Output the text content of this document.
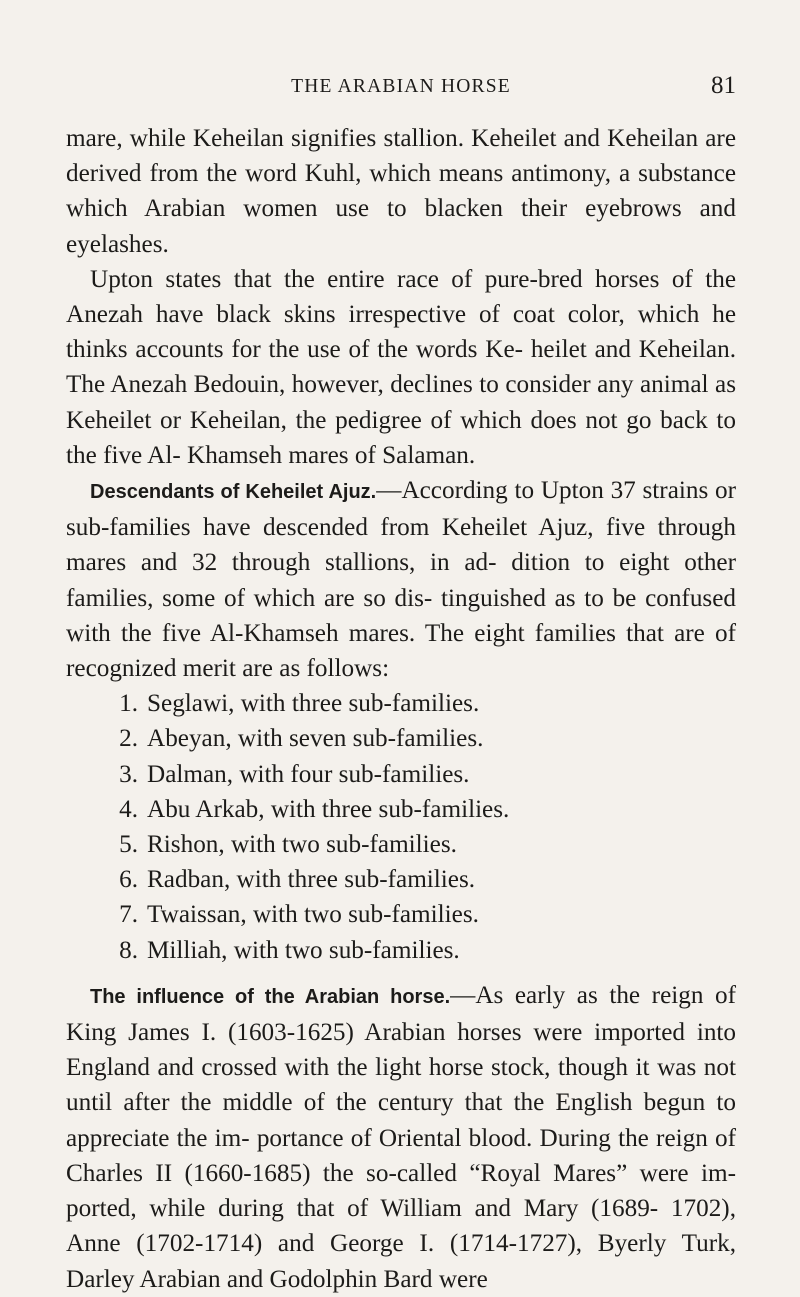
THE ARABIAN HORSE	81

mare, while Keheilan signifies stallion. Keheilet and Keheilan are derived from the word Kuhl, which means antimony, a substance which Arabian women use to blacken their eyebrows and eyelashes.

Upton states that the entire race of pure-bred horses of the Anezah have black skins irrespective of coat color, which he thinks accounts for the use of the words Ke- heilet and Keheilan. The Anezah Bedouin, however, declines to consider any animal as Keheilet or Keheilan, the pedigree of which does not go back to the five Al- Khamseh mares of Salaman.

Descendants of Keheilet Ajuz.—According to Upton 37 strains or sub-families have descended from Keheilet Ajuz, five through mares and 32 through stallions, in ad- dition to eight other families, some of which are so dis- tinguished as to be confused with the five Al-Khamseh mares. The eight families that are of recognized merit are as follows:

1. Seglawi, with three sub-families.
2. Abeyan, with seven sub-families.
3. Dalman, with four sub-families.
4. Abu Arkab, with three sub-families.
5. Rishon, with two sub-families.
6. Radban, with three sub-families.
7. Twaissan, with two sub-families.
8. Milliah, with two sub-families.

The influence of the Arabian horse.—As early as the reign of King James I. (1603-1625) Arabian horses were imported into England and crossed with the light horse stock, though it was not until after the middle of the century that the English begun to appreciate the im- portance of Oriental blood. During the reign of Charles II (1660-1685) the so-called “Royal Mares” were im- ported, while during that of William and Mary (1689- 1702), Anne (1702-1714) and George I. (1714-1727), Byerly Turk, Darley Arabian and Godolphin Bard were
